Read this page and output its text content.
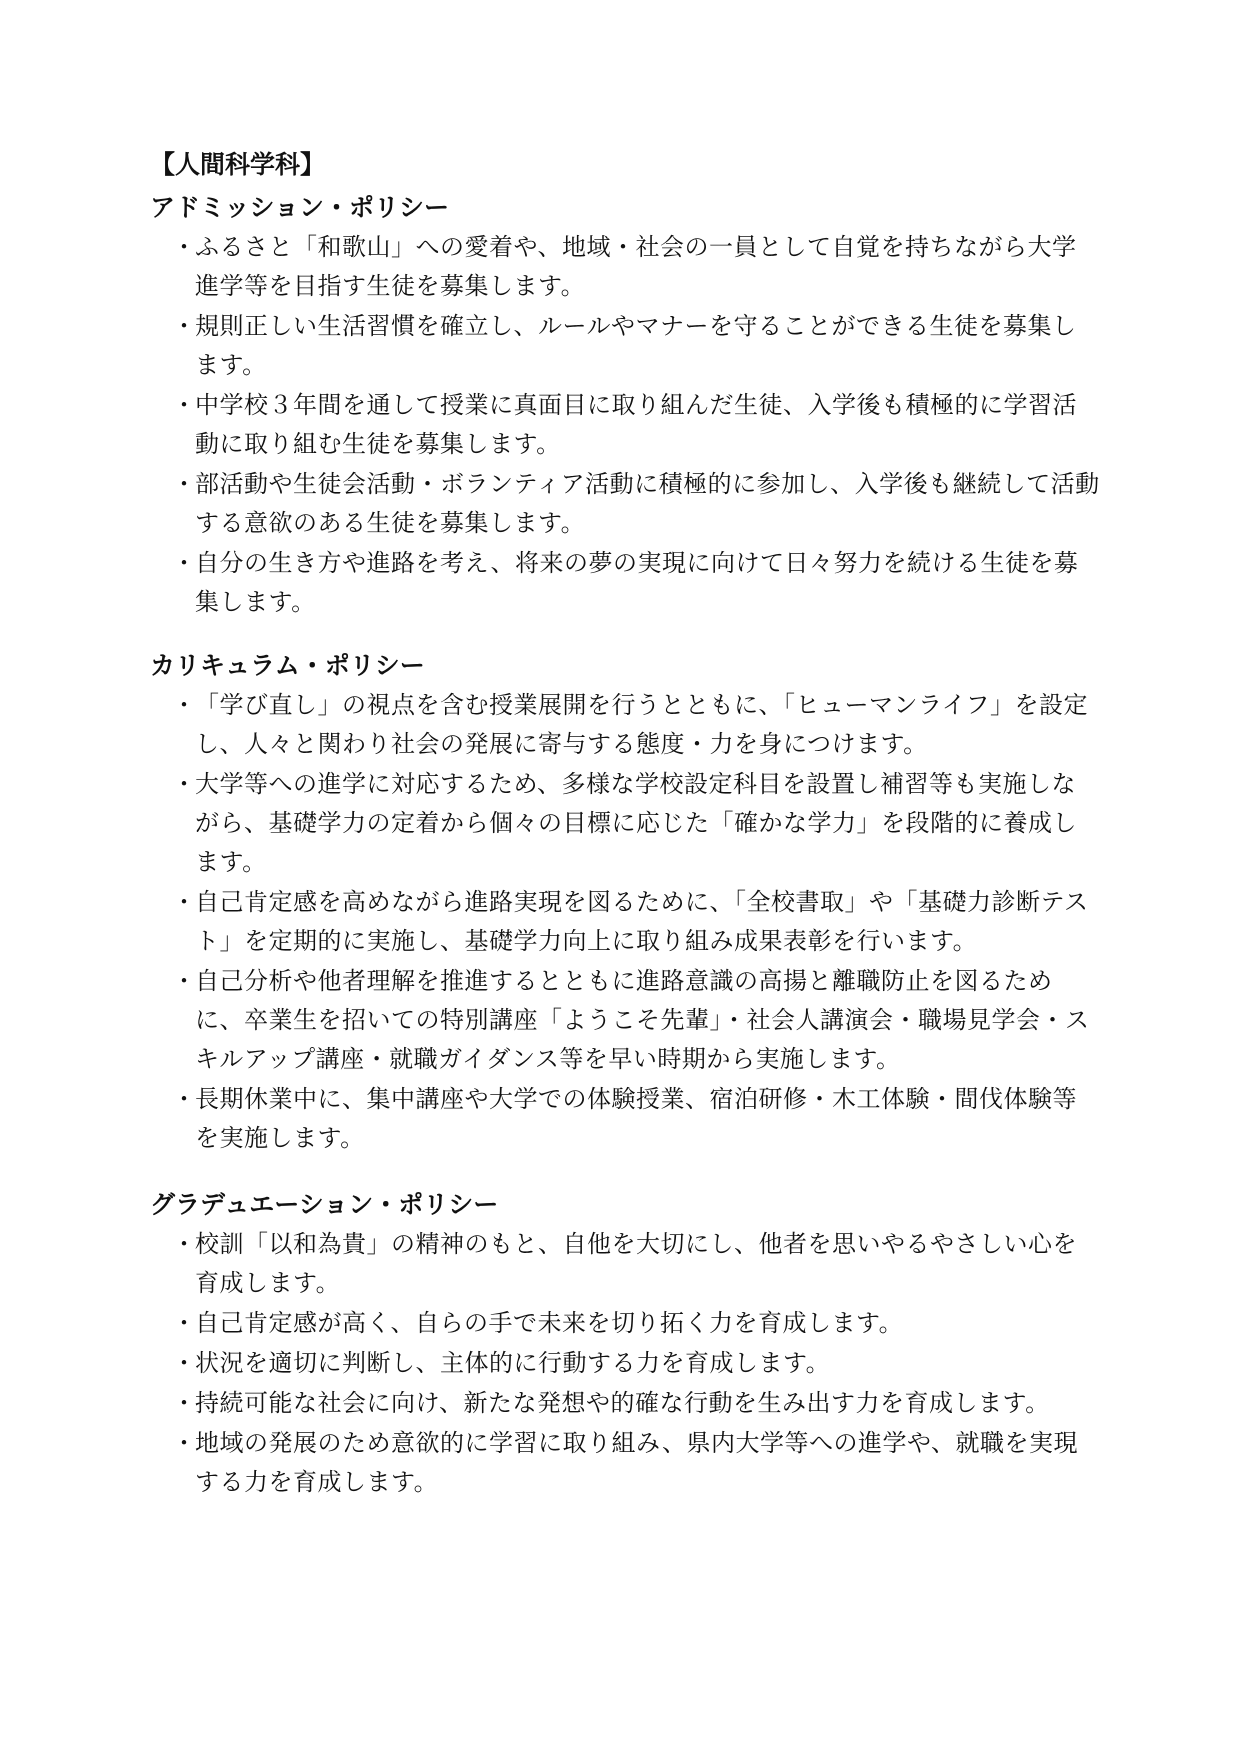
【人間科学科】
アドミッション・ポリシー
・
ふるさと「和歌山」への愛着や、地域・社会の一員として自覚を持ちながら大学進学等を目指す生徒を募集します。
・
規則正しい生活習慣を確立し、ルールやマナーを守ることができる生徒を募集します。
・
中学校３年間を通して授業に真面目に取り組んだ生徒、入学後も積極的に学習活動に取り組む生徒を募集します。
・
部活動や生徒会活動・ボランティア活動に積極的に参加し、入学後も継続して活動する意欲のある生徒を募集します。
・
自分の生き方や進路を考え、将来の夢の実現に向けて日々努力を続ける生徒を募集します。
カリキュラム・ポリシー
・
「学び直し」の視点を含む授業展開を行うとともに、「ヒューマンライフ」を設定し、人々と関わり社会の発展に寄与する態度・力を身につけます。
・
大学等への進学に対応するため、多様な学校設定科目を設置し補習等も実施しながら、基礎学力の定着から個々の目標に応じた「確かな学力」を段階的に養成します。
・
自己肯定感を高めながら進路実現を図るために、「全校書取」や「基礎力診断テスト」を定期的に実施し、基礎学力向上に取り組み成果表彰を行います。
・
自己分析や他者理解を推進するとともに進路意識の高揚と離職防止を図るために、卒業生を招いての特別講座「ようこそ先輩」・社会人講演会・職場見学会・スキルアップ講座・就職ガイダンス等を早い時期から実施します。
・
長期休業中に、集中講座や大学での体験授業、宿泊研修・木工体験・間伐体験等を実施します。
グラデュエーション・ポリシー
・
校訓「以和為貴」の精神のもと、自他を大切にし、他者を思いやるやさしい心を育成します。
・
自己肯定感が高く、自らの手で未来を切り拓く力を育成します。
・
状況を適切に判断し、主体的に行動する力を育成します。
・
持続可能な社会に向け、新たな発想や的確な行動を生み出す力を育成します。
・
地域の発展のため意欲的に学習に取り組み、県内大学等への進学や、就職を実現する力を育成します。
